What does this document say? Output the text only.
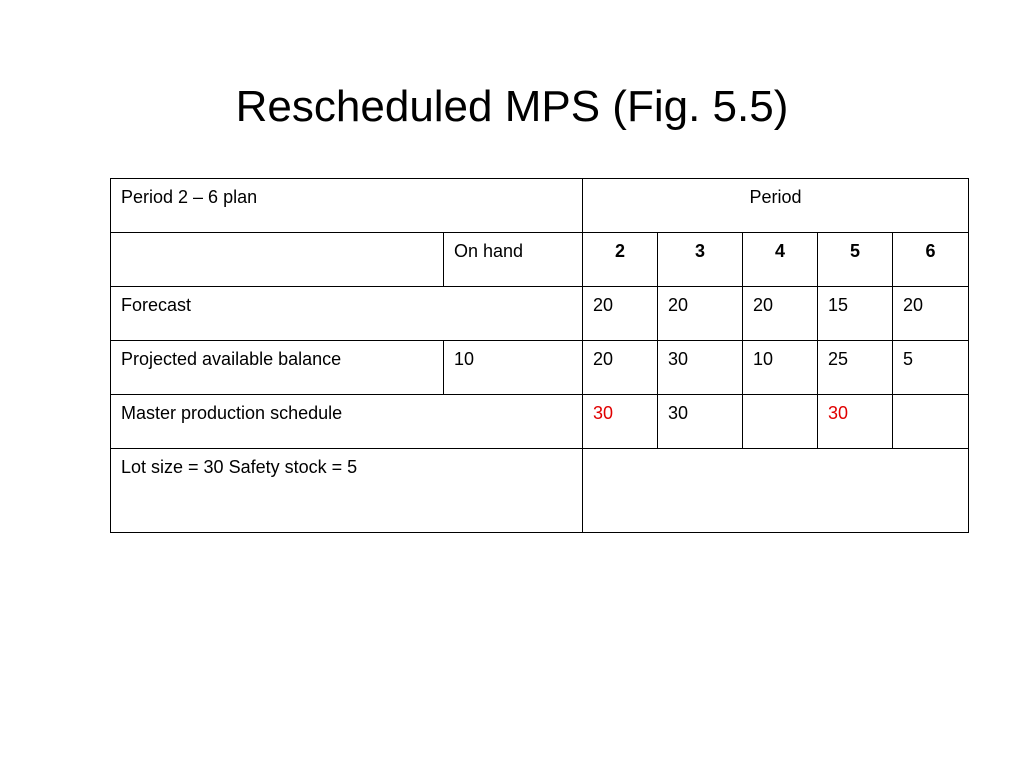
Rescheduled MPS (Fig. 5.5)
Period 2 – 6 plan		Period				
	On hand	2	3	4	5	6
Forecast		20	20	20	15	20
Projected available balance	10	20	30	10	25	5
Master production schedule		30	30		30	
Lot size = 30 Safety stock = 5						
